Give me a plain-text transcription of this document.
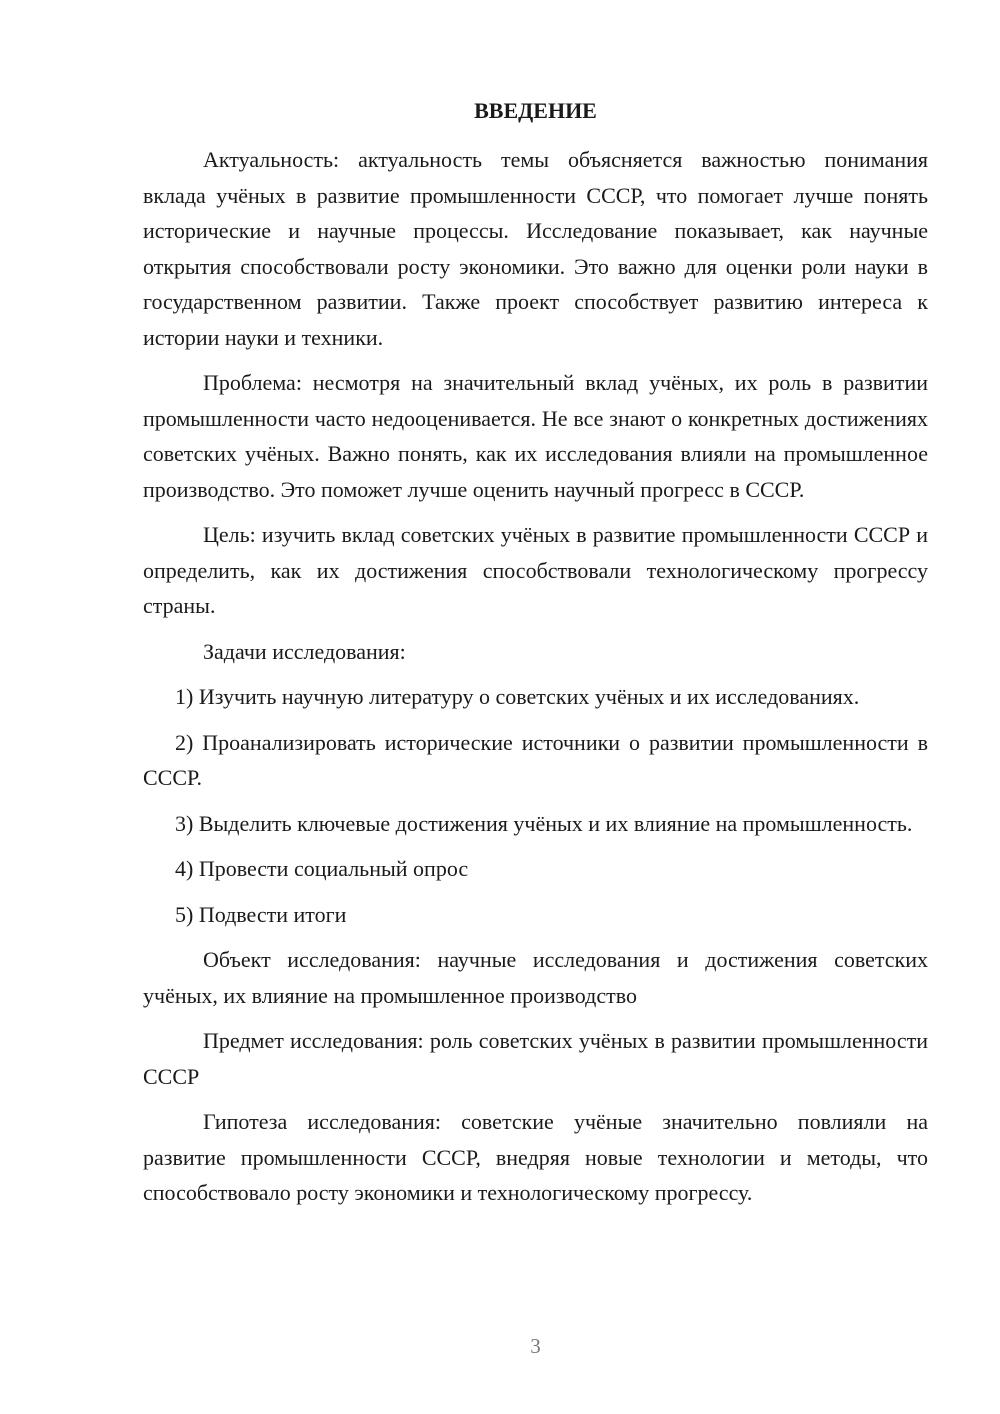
ВВЕДЕНИЕ

Актуальность: актуальность темы объясняется важностью понимания вклада учёных в развитие промышленности СССР, что помогает лучше понять исторические и научные процессы. Исследование показывает, как научные открытия способствовали росту экономики. Это важно для оценки роли науки в государственном развитии. Также проект способствует развитию интереса к истории науки и техники.

Проблема: несмотря на значительный вклад учёных, их роль в развитии промышленности часто недооценивается. Не все знают о конкретных достижениях советских учёных. Важно понять, как их исследования влияли на промышленное производство. Это поможет лучше оценить научный прогресс в СССР.

Цель: изучить вклад советских учёных в развитие промышленности СССР и определить, как их достижения способствовали технологическому прогрессу страны.

Задачи исследования:

1) Изучить научную литературу о советских учёных и их исследованиях.

2) Проанализировать исторические источники о развитии промышленности в СССР.

3) Выделить ключевые достижения учёных и их влияние на промышленность.

4) Провести социальный опрос

5) Подвести итоги

Объект исследования: научные исследования и достижения советских учёных, их влияние на промышленное производство

Предмет исследования: роль советских учёных в развитии промышленности СССР

Гипотеза исследования: советские учёные значительно повлияли на развитие промышленности СССР, внедряя новые технологии и методы, что способствовало росту экономики и технологическому прогрессу.

3
